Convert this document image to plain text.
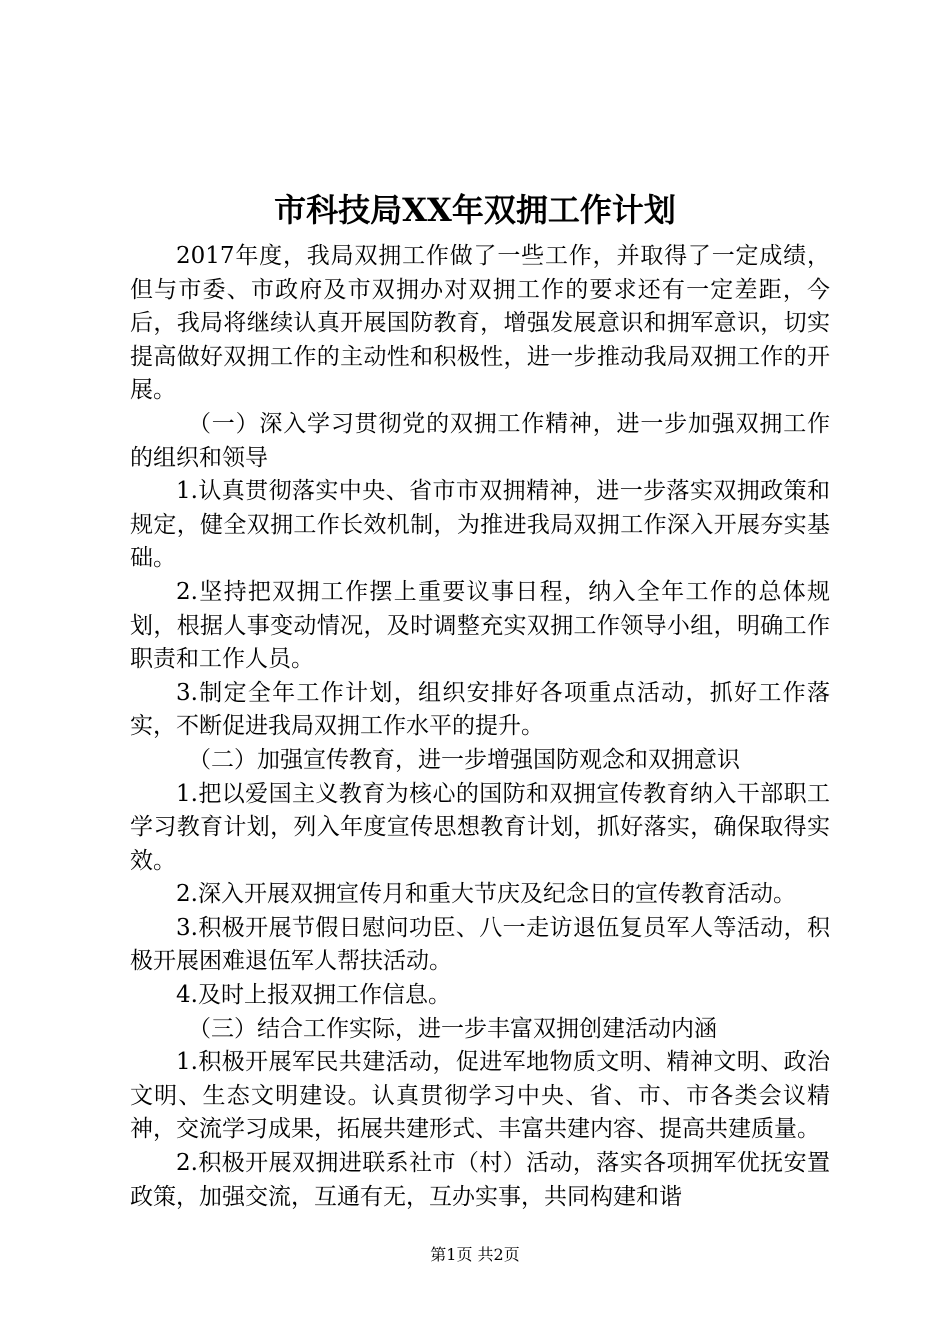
市科技局XX年双拥工作计划

2017年度，我局双拥工作做了一些工作，并取得了一定成绩，但与市委、市政府及市双拥办对双拥工作的要求还有一定差距，今后，我局将继续认真开展国防教育，增强发展意识和拥军意识，切实提高做好双拥工作的主动性和积极性，进一步推动我局双拥工作的开展。

（一）深入学习贯彻党的双拥工作精神，进一步加强双拥工作的组织和领导

1.认真贯彻落实中央、省市市双拥精神，进一步落实双拥政策和规定，健全双拥工作长效机制，为推进我局双拥工作深入开展夯实基础。

2.坚持把双拥工作摆上重要议事日程，纳入全年工作的总体规划，根据人事变动情况，及时调整充实双拥工作领导小组，明确工作职责和工作人员。

3.制定全年工作计划，组织安排好各项重点活动，抓好工作落实，不断促进我局双拥工作水平的提升。

（二）加强宣传教育，进一步增强国防观念和双拥意识

1.把以爱国主义教育为核心的国防和双拥宣传教育纳入干部职工学习教育计划，列入年度宣传思想教育计划，抓好落实，确保取得实效。

2.深入开展双拥宣传月和重大节庆及纪念日的宣传教育活动。

3.积极开展节假日慰问功臣、八一走访退伍复员军人等活动，积极开展困难退伍军人帮扶活动。

4.及时上报双拥工作信息。

（三）结合工作实际，进一步丰富双拥创建活动内涵

1.积极开展军民共建活动，促进军地物质文明、精神文明、政治文明、生态文明建设。认真贯彻学习中央、省、市、市各类会议精神，交流学习成果，拓展共建形式、丰富共建内容、提高共建质量。

2.积极开展双拥进联系社市（村）活动，落实各项拥军优抚安置政策，加强交流，互通有无，互办实事，共同构建和谐

第1页 共2页
